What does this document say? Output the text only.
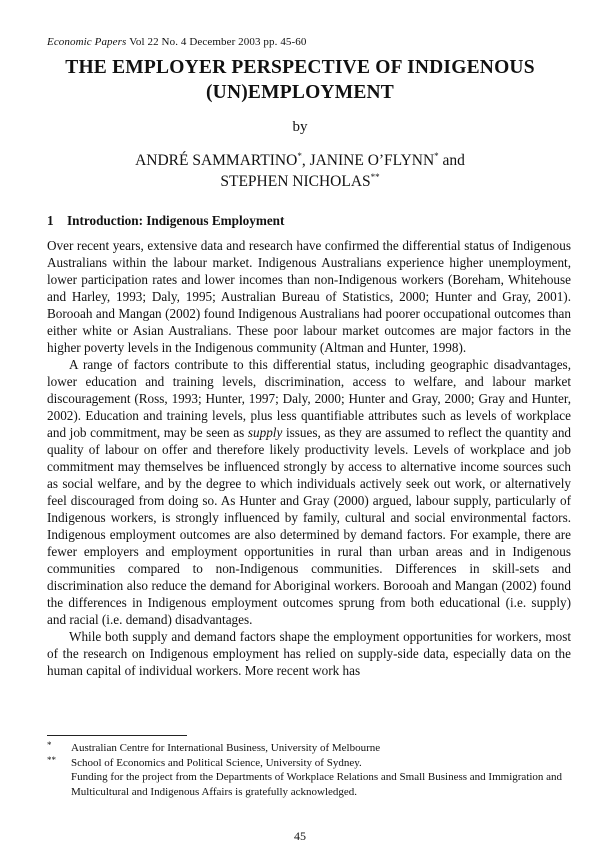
Economic Papers Vol 22 No. 4 December 2003 pp. 45-60
THE EMPLOYER PERSPECTIVE OF INDIGENOUS
(UN)EMPLOYMENT
by
ANDRÉ SAMMARTINO*, JANINE O’FLYNN* and
STEPHEN NICHOLAS**
1 Introduction: Indigenous Employment

Over recent years, extensive data and research have confirmed the differential status of Indigenous Australians within the labour market. Indigenous Australians experience higher unemployment, lower participation rates and lower incomes than non-Indigenous workers (Boreham, Whitehouse and Harley, 1993; Daly, 1995; Australian Bureau of Statistics, 2000; Hunter and Gray, 2001). Borooah and Mangan (2002) found Indigenous Australians had poorer occupational outcomes than either white or Asian Australians. These poor labour market outcomes are major factors in the higher poverty levels in the Indigenous community (Altman and Hunter, 1998).

A range of factors contribute to this differential status, including geographic disadvantages, lower education and training levels, discrimination, access to welfare, and labour market discouragement (Ross, 1993; Hunter, 1997; Daly, 2000; Hunter and Gray, 2000; Gray and Hunter, 2002). Education and training levels, plus less quantifiable attributes such as levels of workplace and job commitment, may be seen as supply issues, as they are assumed to reflect the quantity and quality of labour on offer and therefore likely productivity levels. Levels of workplace and job commitment may themselves be influenced strongly by access to alternative income sources such as social welfare, and by the degree to which individuals actively seek out work, or alternatively feel discouraged from doing so. As Hunter and Gray (2000) argued, labour supply, particularly of Indigenous workers, is strongly influenced by family, cultural and social environmental factors. Indigenous employment outcomes are also determined by demand factors. For example, there are fewer employers and employment opportunities in rural than urban areas and in Indigenous communities compared to non-Indigenous communities. Differences in skill-sets and discrimination also reduce the demand for Aboriginal workers. Borooah and Mangan (2002) found the differences in Indigenous employment outcomes sprung from both educational (i.e. supply) and racial (i.e. demand) disadvantages.

While both supply and demand factors shape the employment opportunities for workers, most of the research on Indigenous employment has relied on supply-side data, especially data on the human capital of individual workers. More recent work has

* Australian Centre for International Business, University of Melbourne
** School of Economics and Political Science, University of Sydney.
Funding for the project from the Departments of Workplace Relations and Small Business and Immigration and Multicultural and Indigenous Affairs is gratefully acknowledged.
45
